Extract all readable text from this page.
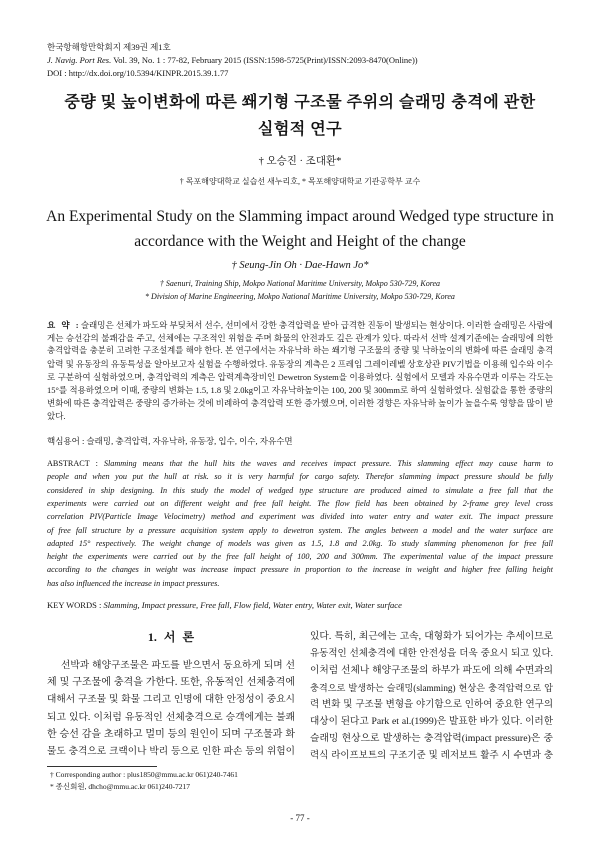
한국항해항만학회지 제39권 제1호
J. Navig. Port Res. Vol. 39, No. 1 : 77-82, February 2015 (ISSN:1598-5725(Print)/ISSN:2093-8470(Online))
DOI : http://dx.doi.org/10.5394/KINPR.2015.39.1.77
중량 및 높이변화에 따른 쐐기형 구조물 주위의 슬래밍 충격에 관한
실험적 연구
† 오승진 · 조대환*
† 목포해양대학교 실습선 새누리호, * 목포해양대학교 기관공학부 교수
An Experimental Study on the Slamming impact around Wedged type structure in
accordance with the Weight and Height of the change
† Seung-Jin Oh · Dae-Hawn Jo*
† Saenuri, Training Ship, Mokpo National Maritime University, Mokpo 530-729, Korea
* Division of Marine Engineering, Mokpo National Maritime University, Mokpo 530-729, Korea
요 약 : 슬래밍은 선체가 파도와 부딪쳐서 선수, 선미에서 강한 충격압력을 받아 급격한 진동이 발생되는 현상이다. 이러한 슬래밍은 사람에
게는 승선감의 불쾌감을 주고, 선체에는 구조적인 위험을 주며 화물의 안전과도 깊은 관계가 있다. 따라서 선박 설계기준에는 슬래밍에 의한
충격압력을 충분히 고려한 구조설계를 해야 한다. 본 연구에서는 자유낙하 하는 쐐기형 구조물의 중량 및 낙하높이의 변화에 따른 슬래밍 충격
압력 및 유동장의 유동특성을 알아보고자 실험을 수행하였다. 유동장의 계측은 2 프레임 그레이레벨 상호상관 PIV기법을 이용해 입수와 이수
로 구분하여 실험하였으며, 충격압력의 계측은 압력계측장비인 Dewetron System을 이용하였다. 실험에서 모델과 자유수면과 이루는 각도는
15°를 적용하였으며 이때, 중량의 변화는 1.5, 1.8 및 2.0kg이고 자유낙하높이는 100, 200 및 300mm로 하여 실험하였다. 실험값을 통한 중량의
변화에 따른 충격압력은 중량의 증가하는 것에 비례하여 충격압력 또한 증가했으며, 이러한 경향은 자유낙하 높이가 높을수록 영향을 많이 받
았다.
핵심용어 : 슬래밍, 충격압력, 자유낙하, 유동장, 입수, 이수, 자유수면
ABSTRACT : Slamming means that the hull hits the waves and receives impact pressure. This slamming effect may cause harm to
people and when you put the hull at risk. so it is very harmful for cargo safety. Therefor slamming impact pressure should be fully
considered in ship designing. In this study the model of wedged type structure are produced aimed to simulate a free fall that the
experiments were carried out on different weight and free fall height. The flow field has been obtained by 2-frame grey level cross
correlation PIV(Particle Image Velocimetry) method and experiment was divided into water entry and water exit. The impact pressure
of free fall structure by a pressure acquisition system apply to dewetron system. The angles between a model and the water surface are
adapted 15° respectively. The weight change of models was given as 1.5, 1.8 and 2.0kg. To study slamming phenomenon for free fall
height the experiments were carried out by the free fall height of 100, 200 and 300mm. The experimental value of the impact pressure
according to the changes in weight was increase impact pressure in proportion to the increase in weight and higher free falling height
has also influenced the increase in impact pressures.
KEY WORDS : Slamming, Impact pressure, Free fall, Flow field, Water entry, Water exit, Water surface
1. 서 론
선박과 해양구조물은 파도를 받으면서 동요하게 되며 선
체 및 구조물에 충격을 가한다. 또한, 유동적인 선체충격에
대해서 구조물 및 화물 그리고 인명에 대한 안정성이 중요시
되고 있다. 이처럼 유동적인 선체충격으로 승객에게는 불쾌
한 승선 감을 초래하고 멀미 등의 원인이 되며 구조물과 화
물도 충격으로 크랙이나 박리 등으로 인한 파손 등의 위험이
있다. 특히, 최근에는 고속, 대형화가 되어가는 추세이므로
유동적인 선체충격에 대한 안전성을 더욱 중요시 되고 있다.
이처럼 선체나 해양구조물의 하부가 파도에 의해 수면과의
충격으로 발생하는 슬래밍(slamming) 현상은 충격압력으로 압
력 변화 및 구조물 변형을 야기함으로 인하여 중요한 연구의
대상이 된다고 Park et al.(1999)은 발표한 바가 있다. 이러한
슬래밍 현상으로 발생하는 충격압력(impact pressure)은 중
력식 라이프보트의 구조기준 및 레저보트 활주 시 수면과 충
† Corresponding author : plus1850@mmu.ac.kr 061)240-7461
* 종신회원, dhcho@mmu.ac.kr 061)240-7217
- 77 -
